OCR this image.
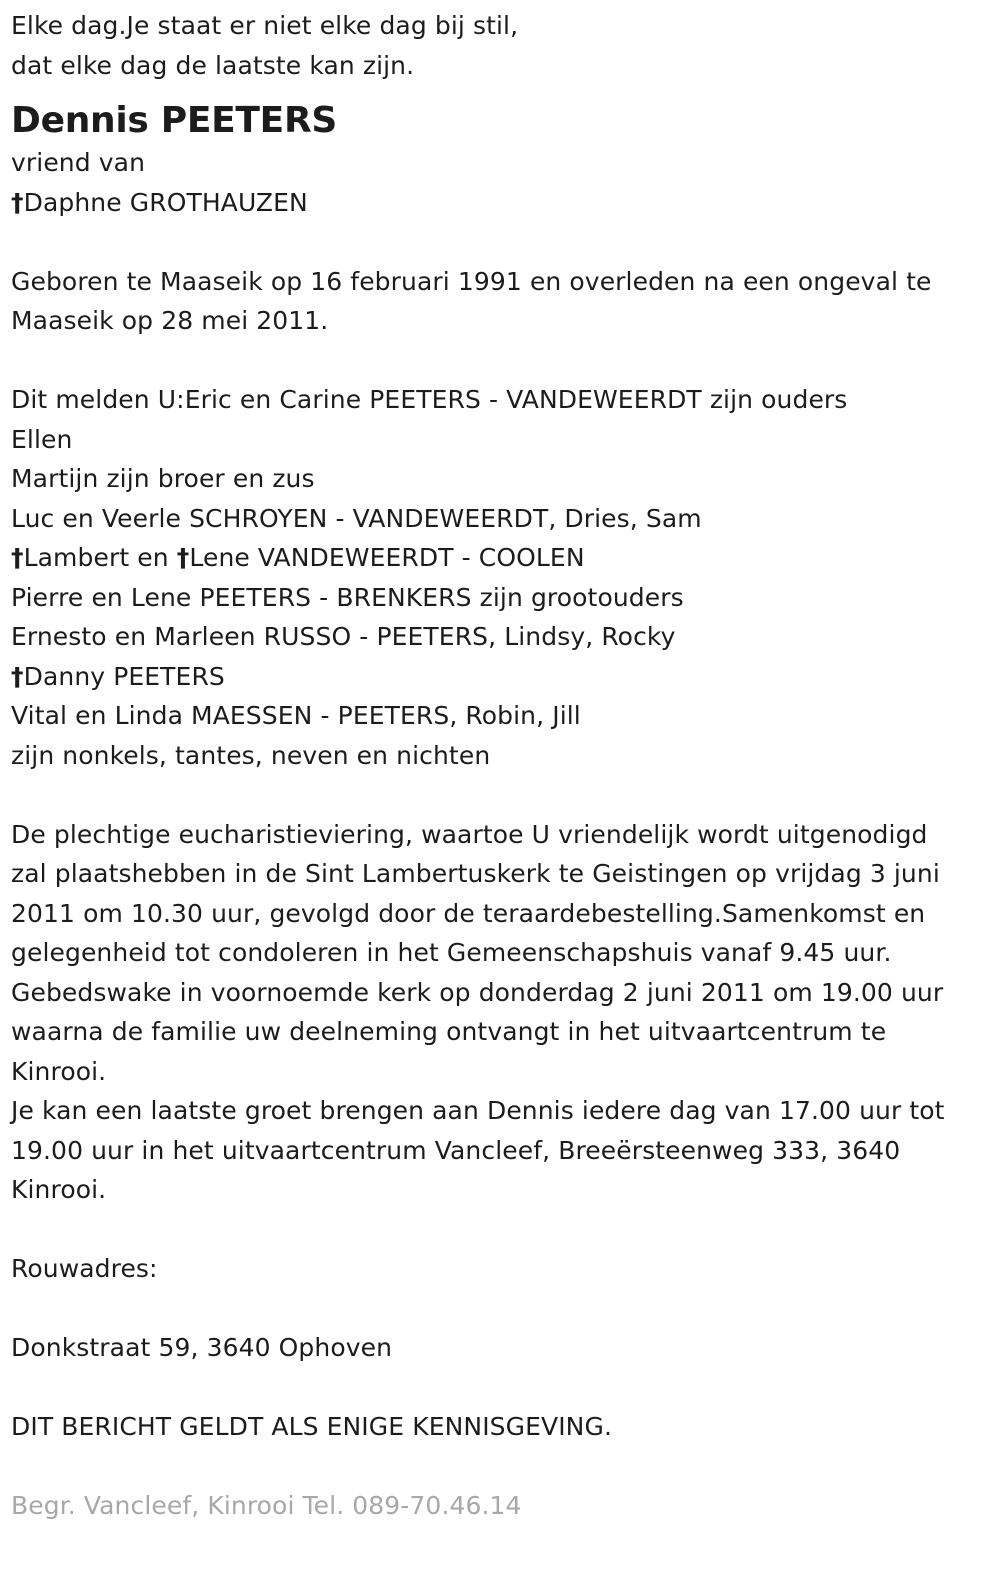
Elke dag.Je staat er niet elke dag bij stil,
dat elke dag de laatste kan zijn.
Dennis PEETERS
vriend van
†Daphne GROTHAUZEN
Geboren te Maaseik op 16 februari 1991 en overleden na een ongeval te
Maaseik op 28 mei 2011.
Dit melden U:Eric en Carine PEETERS - VANDEWEERDT zijn ouders
Ellen
Martijn zijn broer en zus
Luc en Veerle SCHROYEN - VANDEWEERDT, Dries, Sam
†Lambert en †Lene VANDEWEERDT - COOLEN
Pierre en Lene PEETERS - BRENKERS zijn grootouders
Ernesto en Marleen RUSSO - PEETERS, Lindsy, Rocky
†Danny PEETERS
Vital en Linda MAESSEN - PEETERS, Robin, Jill
zijn nonkels, tantes, neven en nichten
De plechtige eucharistieviering, waartoe U vriendelijk wordt uitgenodigd
zal plaatshebben in de Sint Lambertuskerk te Geistingen op vrijdag 3 juni
2011 om 10.30 uur, gevolgd door de teraardebestelling.Samenkomst en
gelegenheid tot condoleren in het Gemeenschapshuis vanaf 9.45 uur.
Gebedswake in voornoemde kerk op donderdag 2 juni 2011 om 19.00 uur
waarna de familie uw deelneming ontvangt in het uitvaartcentrum te
Kinrooi.
Je kan een laatste groet brengen aan Dennis iedere dag van 17.00 uur tot
19.00 uur in het uitvaartcentrum Vancleef, Breeërsteenweg 333, 3640
Kinrooi.
Rouwadres:
Donkstraat 59, 3640 Ophoven
DIT BERICHT GELDT ALS ENIGE KENNISGEVING.
Begr. Vancleef, Kinrooi Tel. 089-70.46.14
